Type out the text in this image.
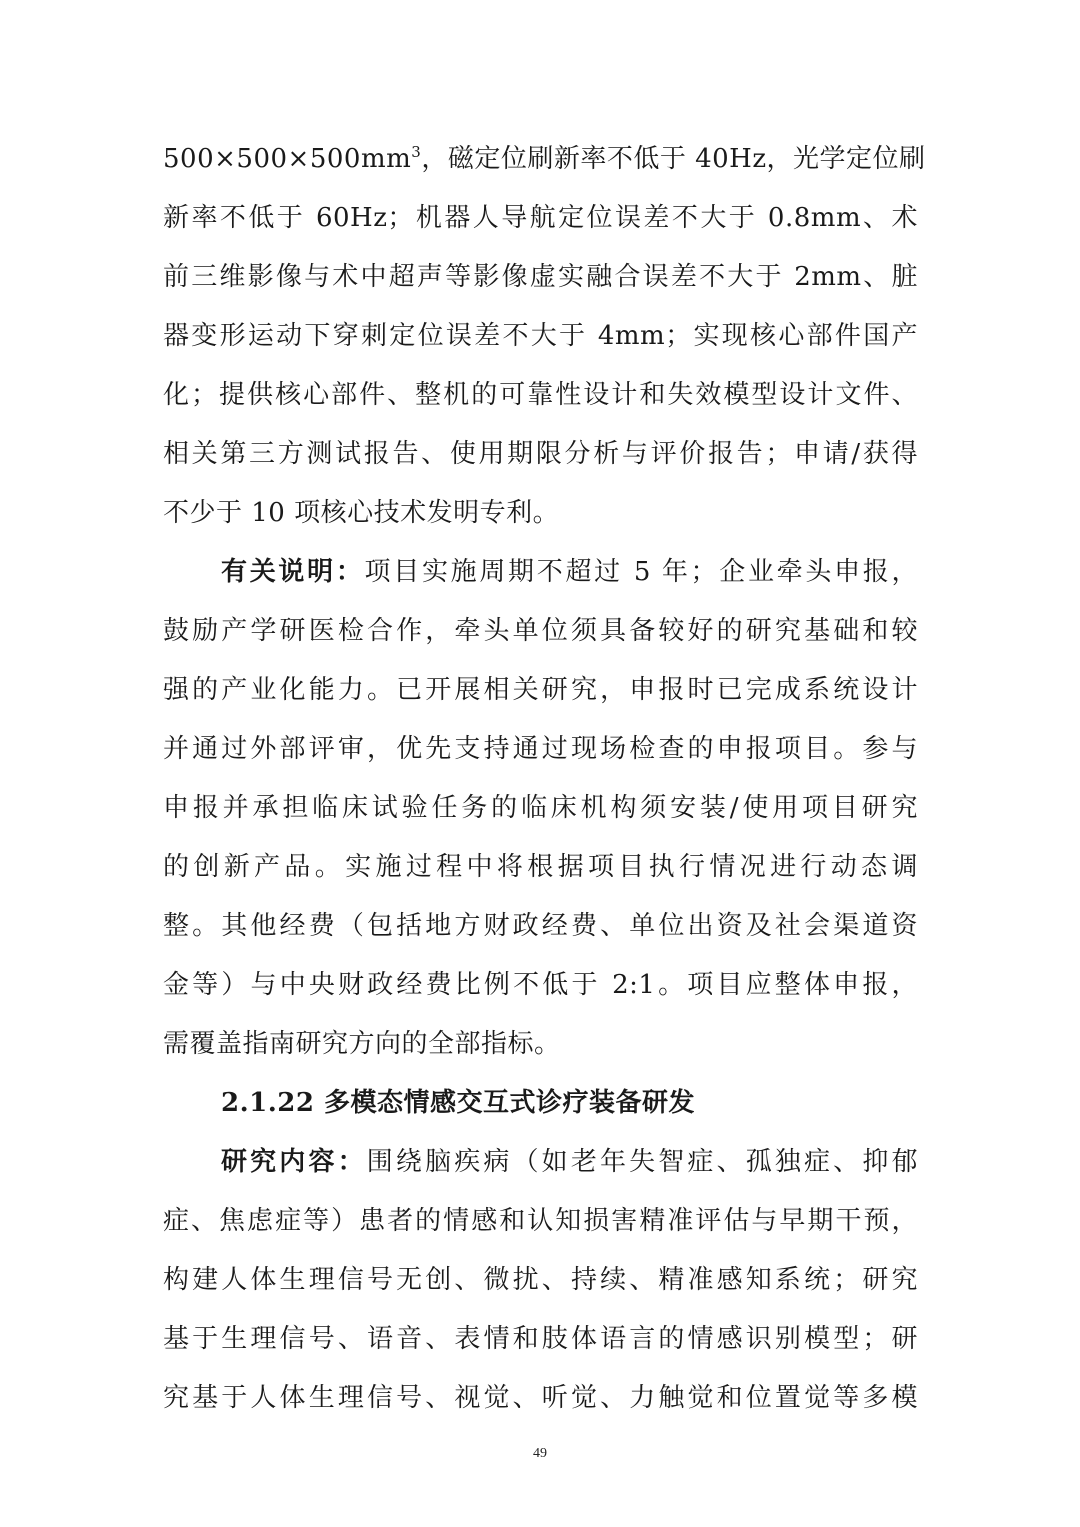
$500\times 500\times 500mm^3$，磁定位刷新率不低于 40Hz，光学定位刷
新率不低于 60Hz；机器人导航定位误差不大于 0.8mm、术
前三维影像与术中超声等影像虚实融合误差不大于 2mm、脏
器变形运动下穿刺定位误差不大于 4mm；实现核心部件国产
化；提供核心部件、整机的可靠性设计和失效模型设计文件、
相关第三方测试报告、使用期限分析与评价报告；申请/获得
不少于 10 项核心技术发明专利。
有关说明：项目实施周期不超过 5 年；企业牵头申报，
鼓励产学研医检合作，牵头单位须具备较好的研究基础和较
强的产业化能力。已开展相关研究，申报时已完成系统设计
并通过外部评审，优先支持通过现场检查的申报项目。参与
申报并承担临床试验任务的临床机构须安装/使用项目研究
的创新产品。实施过程中将根据项目执行情况进行动态调
整。其他经费（包括地方财政经费、单位出资及社会渠道资
金等）与中央财政经费比例不低于 2:1。项目应整体申报，
需覆盖指南研究方向的全部指标。
2.1.22 多模态情感交互式诊疗装备研发
研究内容：围绕脑疾病（如老年失智症、孤独症、抑郁
症、焦虑症等）患者的情感和认知损害精准评估与早期干预，
构建人体生理信号无创、微扰、持续、精准感知系统；研究
基于生理信号、语音、表情和肢体语言的情感识别模型；研
究基于人体生理信号、视觉、听觉、力触觉和位置觉等多模
49
